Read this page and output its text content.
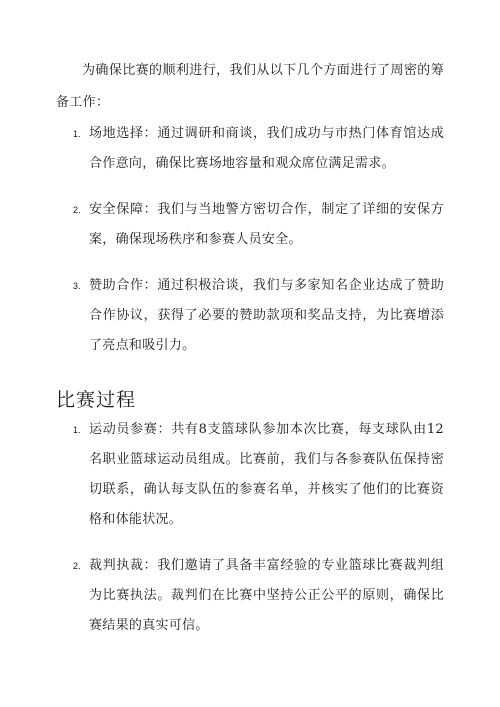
为确保比赛的顺利进行，我们从以下几个方面进行了周密的筹备工作：

1. 场地选择：通过调研和商谈，我们成功与市热门体育馆达成合作意向，确保比赛场地容量和观众席位满足需求。
2. 安全保障：我们与当地警方密切合作，制定了详细的安保方案，确保现场秩序和参赛人员安全。
3. 赞助合作：通过积极洽谈，我们与多家知名企业达成了赞助合作协议，获得了必要的赞助款项和奖品支持，为比赛增添了亮点和吸引力。
比赛过程
1. 运动员参赛：共有8支篮球队参加本次比赛，每支球队由12名职业篮球运动员组成。比赛前，我们与各参赛队伍保持密切联系，确认每支队伍的参赛名单，并核实了他们的比赛资格和体能状况。
2. 裁判执裁：我们邀请了具备丰富经验的专业篮球比赛裁判组为比赛执法。裁判们在比赛中坚持公正公平的原则，确保比赛结果的真实可信。
